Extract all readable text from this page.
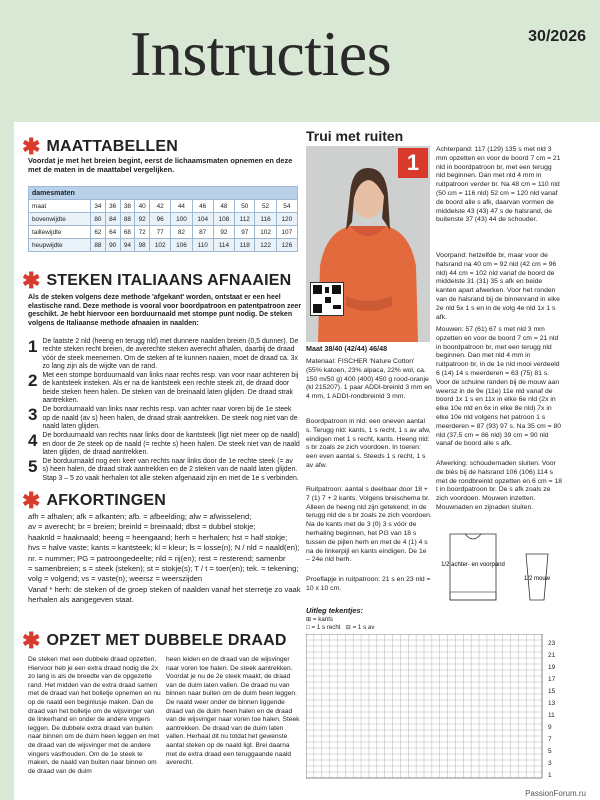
Instructies	30/2026
✱ MAATTABELLEN
Voordat je met het breien begint, eerst de lichaamsmaten opnemen en deze met de maten in de maattabel vergelijken.
damesmaten											
maat	34	36	38	40	42	44	46	48	50	52	54
bovenwijdte	80	84	88	92	96	100	104	108	112	116	120
taillewijdte	62	64	68	72	77	82	87	92	97	102	107
heupwijdte	88	90	94	98	102	106	110	114	118	122	126
✱ STEKEN ITALIAANS AFNAAIEN
Als de steken volgens deze methode 'afgekant' worden, ontstaat er een heel elastische rand. Deze methode is vooral voor boordpatroon en patentpatroon zeer geschikt. Je hebt hiervoor een borduurnaald met stompe punt nodig. De steken volgens de Italiaanse methode afnaaien in naalden:
1 De laatste 2 nld (heeng en terugg nld) met dunnere naalden breien (0,5 dunner). De rechte steken recht breien, de averechte steken averecht afhalen, daarbij de draad vóór de steek meenemen. Om de steken af te kunnen naaien, moet de draad ca. 3x zo lang zijn als de wijdte van de rand.
2 Met een stompe borduurnaald van links naar rechts resp. van voor naar achteren bij de kantsteek insteken. Als er na de kantsteek een rechte steek zit, de draad door beide steken heen halen. De steken van de breinaald laten glijden. De draad strak aantrekken.
3 De borduurnaald van links naar rechts resp. van achter naar voren bij de 1e steek op de naald (av s) heen halen, de draad strak aantrekken. De steek nog niet van de naald laten glijden.
4 De borduurnaald van rechts naar links door de kantsteek (ligt niet meer op de naald) en door de 2e steek op de naald (= rechte s) heen halen. De steek niet van de naald laten glijden, de draad aantrekken.
5 De borduurnaald nog een keer van rechts naar links door de 1e rechte steek (= av s) heen halen, de draad strak aantrekken en de 2 steken van de naald laten glijden. Stap 3 – 5 zo vaak herhalen tot alle steken afgenaaid zijn en met de 1e s verbinden.
✱ AFKORTINGEN
afh = afhalen; afk = afkanten; afb. = afbeelding; afw = afwisselend;
av = averecht; br = breien; breinld = breinaald; dbst = dubbel stokje;
haaknld = haaknaald; heeng = heengaand; herh = herhalen; hst = half stokje;
hvs = halve vaste; kants = kantsteek; kl = kleur; ls = losse(n); N / nld = naald(en);
nr. = nummer; PG = patroongedeelte; nld = rij(en); rest = resterend; samenbr
= samenbreien; s = steek (steken); st = stokje(s); T / t = toer(en); tek. = tekening;
volg = volgend; vs = vaste(n); weersz = weerszijden
Vanaf * herh: de steken of de groep steken of naalden vanaf het sterretje zo vaak herhalen als aangegeven staat.
✱ OPZET MET DUBBELE DRAAD
De steken met een dubbele draad opzetten. Hiervoor heb je een extra draad nodig die 2x zo lang is als de breedte van de opgezette rand. Het midden van de extra draad samen met de draad van het bolletje opnemen en nu op de naald een beginlusje maken. Dan de draad van het bolletje om de wijsvinger van de linkerhand en onder de andere vingers leggen. De dubbele extra draad van buiten naar binnen om de duim heen leggen en met de draad van de wijsvinger met de andere vingers vasthouden. Om de 1e steek te maken, de naald van buiten naar binnen om de draad van de duim
heen leiden en de draad van de wijsvinger naar voren toe halen. De steek aantrekken. Voordat je nu de 2e steek maakt, de draad van de duim laten vallen. De draad nu van binnen naar buiten om de duim heen leggen. De naald weer onder de binnen liggende draad van de duim heen halen en de draad van de wijsvinger naar voren toe halen. Steek aantrekken. De draad van de duim laten vallen. Herhaal dit nu totdat het gewenste aantal steken op de naald ligt. Brei daarna met de extra draad een teruggaande naald averecht.
Trui met ruiten
1
Maat 38/40 (42/44) 46/48
Materiaal: FISCHER 'Nature Cotton' (55% katoen, 23% alpaca, 22% wol, ca. 150 m/50 g) 400 (400) 450 g rood-oranje (kl 215207). 1 paar ADDI-breinld 3 mm en 4 mm, 1 ADDI-rondbreinld 3 mm.
Boordpatroon in nld: een oneven aantal s. Terugg nld: kants, 1 s recht, 1 s av afw, eindigen met 1 s recht, kants. Heeng nld: s br zoals ze zich voordoen. In toeren: een even aantal s. Steeds 1 s recht, 1 s av afw.
Ruitpatroon: aantal s deelbaar door 18 + 7 (1) 7 + 2 kants. Volgens breischema br. Alleen de heeng nld zijn getekend; in de terugg nld de s br zoals ze zich voordoen. Na de kants met de 3 (0) 3 s vóór de herhaling beginnen, het PG van 18 s tussen de pijlen herh en met de 4 (1) 4 s na de linkerpijl en kants eindigen. De 1e – 24e nld herh.
Proeflapje in ruitpatroon: 21 s en 23 nld = 10 x 10 cm.
Achterpand: 117 (129) 135 s met nld 3 mm opzetten en voor de boord 7 cm = 21 nld in boordpatroon br, met een terugg nld beginnen. Dan met nld 4 mm in ruitpatroon verder br. Na 48 cm = 110 nld (50 cm = 116 nld) 52 cm = 120 nld vanaf de boord alle s afk, daarvan vormen de middelste 43 (43) 47 s de halsrand, de buitenste 37 (43) 44 de schouder.
Voorpand: hetzelfde br, maar voor de halsrand na 40 cm = 92 nld (42 cm = 96 nld) 44 cm = 102 nld vanaf de boord de middelste 31 (31) 35 s afk en beide kanten apart afwerken. Voor het ronden van de halsrand bij de binnenrand in elke 2e nld 5x 1 s en in de volg 4e nld 1x 1 s afk.
Mouwen: 57 (61) 67 s met nld 3 mm opzetten en voor de boord 7 cm = 21 nld in boordpatroon br, met een terugg nld beginnen. Dan met nld 4 mm in ruitpatroon br, in de 1e nld mooi verdeeld 6 (14) 14 s meerderen = 63 (75) 81 s. Voor de schuine randen bij de mouw aan weersz in de 9e (11e) 11e nld vanaf de boord 1x 1 s en 11x in elke 6e nld (2x in elke 10e nld en 6x in elke 8e nld) 7x in elke 10e nld volgens het patroon 1 s meerderen = 87 (93) 97 s. Na 35 cm = 80 nld (37,5 cm = 86 nld) 39 cm = 90 nld vanaf de boord alle s afk.
Afwerking: schoudernaden sluiten. Voor de biès bij de halsrand 106 (106) 114 s met de rondbreinld opzetten en 6 cm = 18 t in boordpatroon br. De s afk zoals ze zich voordoen. Mouwen inzetten. Mouwnaden en zijnaden sluiten.
1/2 achter- en voorpand
1/2 mouw
Uitleg tekentjes:
⊞ = kants
□ = 1 s recht   ⊟ = 1 s av
23
21
19
17
15
13
11
9
7
5
3
1
PassionForum.ru
